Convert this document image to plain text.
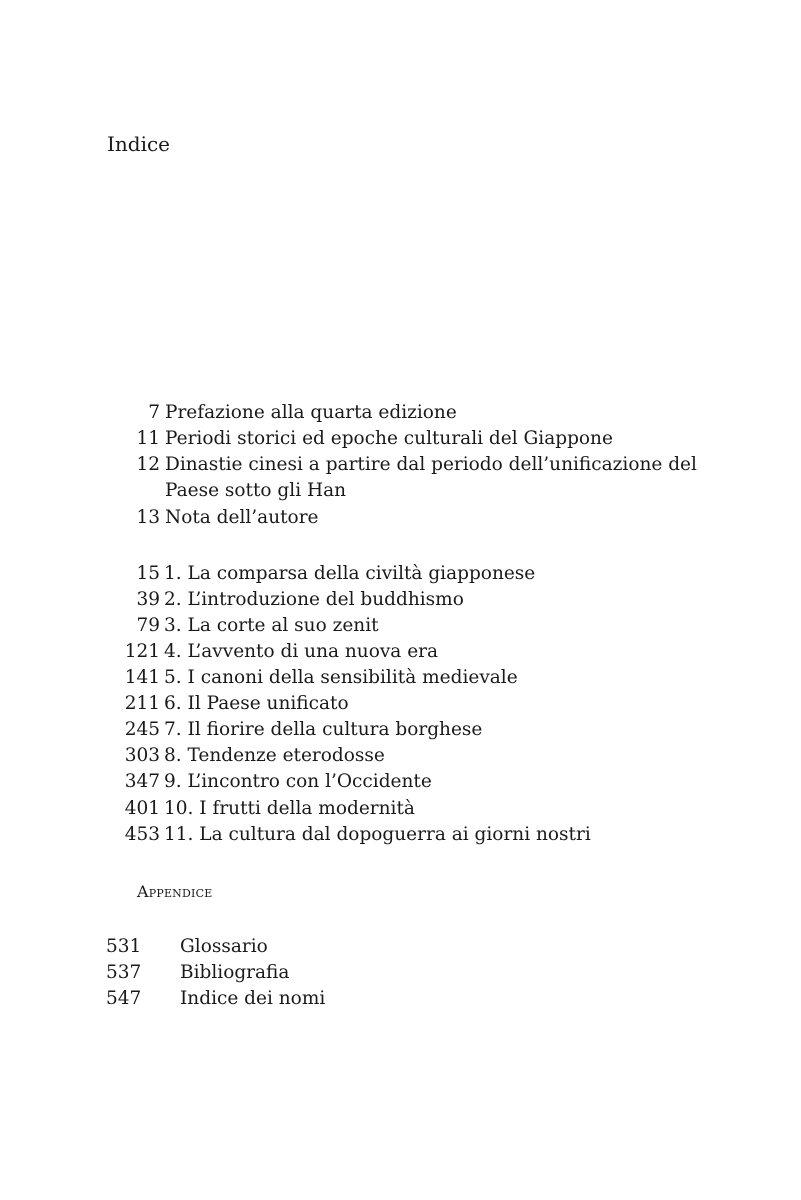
Indice
7 Prefazione alla quarta edizione
11 Periodi storici ed epoche culturali del Giappone
12 Dinastie cinesi a partire dal periodo dell’unificazione del
Paese sotto gli Han
13 Nota dell’autore
15 1. La comparsa della civiltà giapponese
39 2. L’introduzione del buddhismo
79 3. La corte al suo zenit
121 4. L’avvento di una nuova era
141 5. I canoni della sensibilità medievale
211 6. Il Paese unificato
245 7. Il fiorire della cultura borghese
303 8. Tendenze eterodosse
347 9. L’incontro con l’Occidente
401 10. I frutti della modernità
453 11. La cultura dal dopoguerra ai giorni nostri
Appendice
531 Glossario
537 Bibliografia
547 Indice dei nomi
